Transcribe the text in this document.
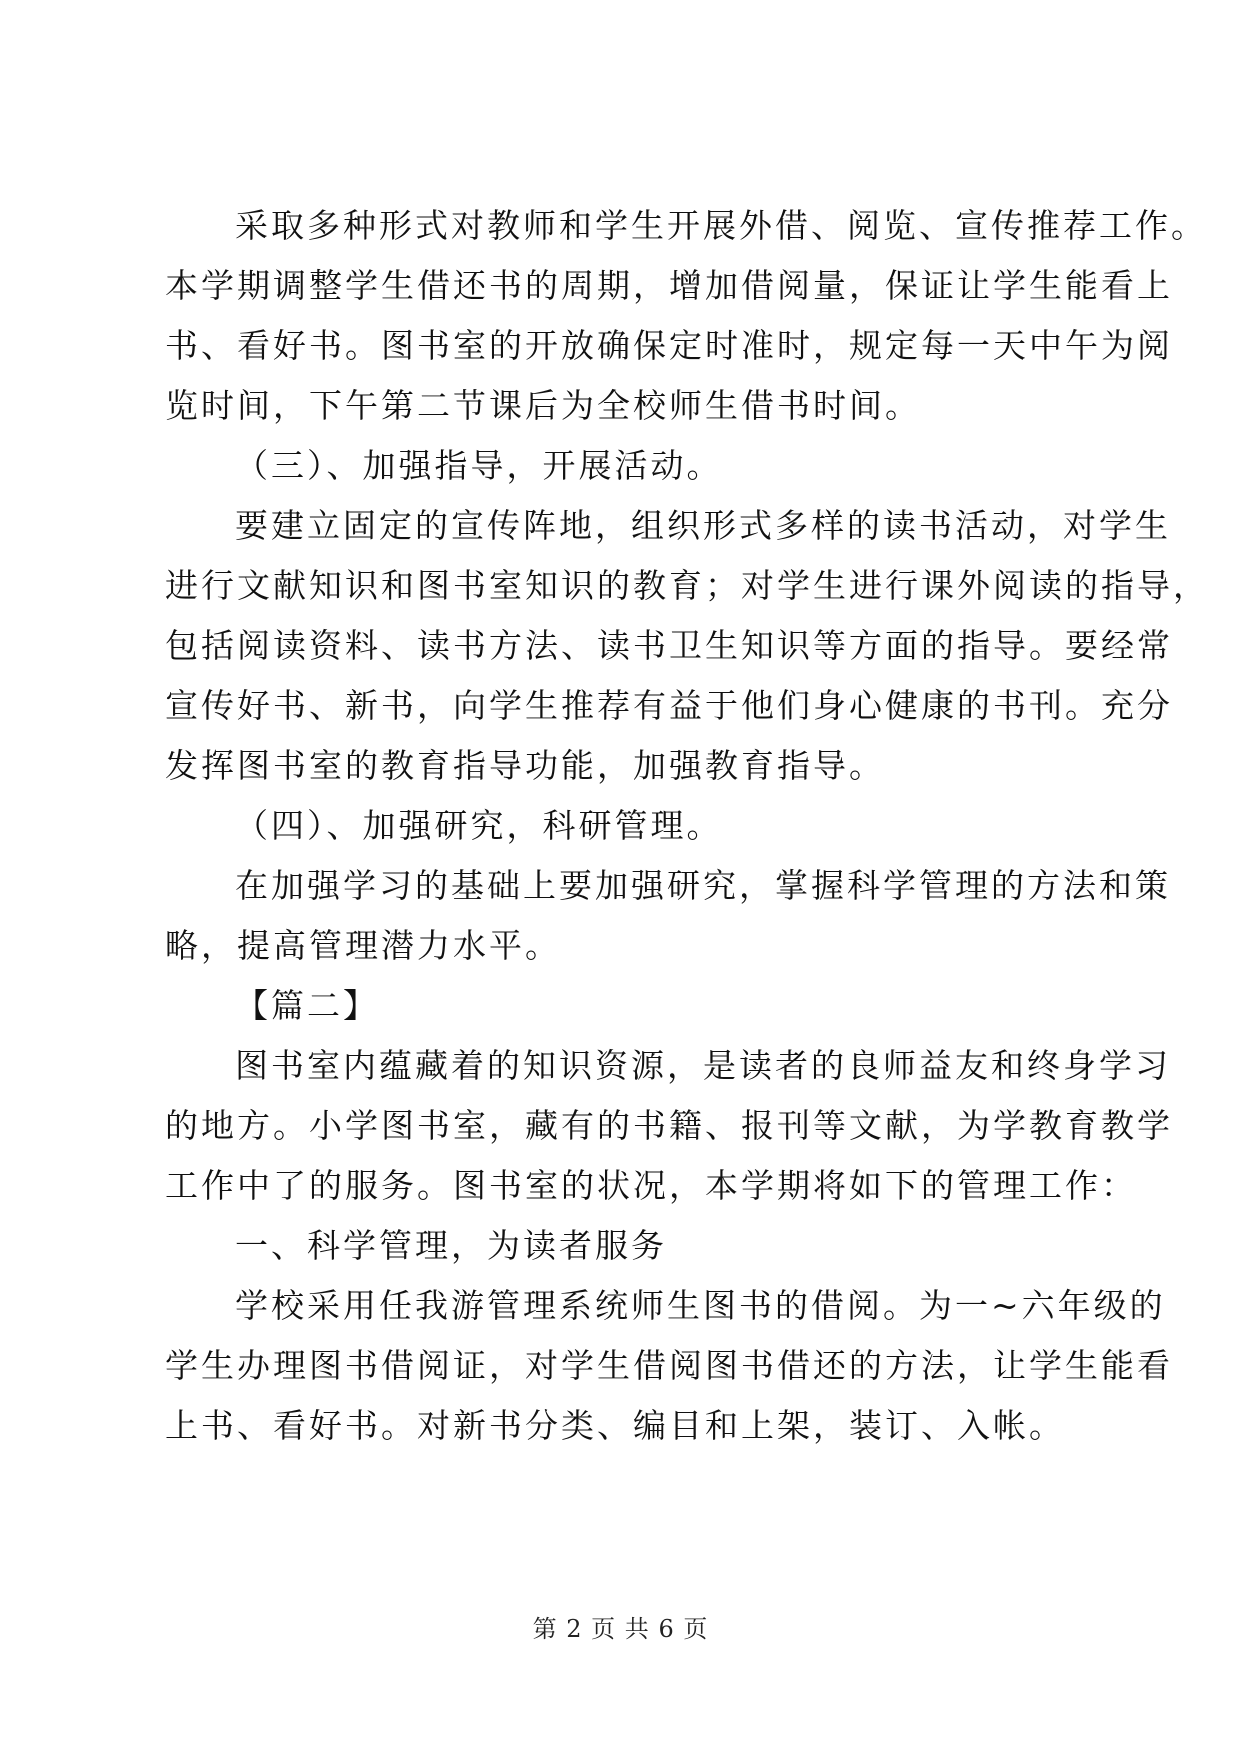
采取多种形式对教师和学生开展外借、阅览、宣传推荐工作。
本学期调整学生借还书的周期，增加借阅量，保证让学生能看上
书、看好书。图书室的开放确保定时准时，规定每一天中午为阅
览时间，下午第二节课后为全校师生借书时间。
（三）、加强指导，开展活动。
要建立固定的宣传阵地，组织形式多样的读书活动，对学生
进行文献知识和图书室知识的教育；对学生进行课外阅读的指导，
包括阅读资料、读书方法、读书卫生知识等方面的指导。要经常
宣传好书、新书，向学生推荐有益于他们身心健康的书刊。充分
发挥图书室的教育指导功能，加强教育指导。
（四）、加强研究，科研管理。
在加强学习的基础上要加强研究，掌握科学管理的方法和策
略，提高管理潜力水平。
【篇二】
图书室内蕴藏着的知识资源，是读者的良师益友和终身学习
的地方。小学图书室，藏有的书籍、报刊等文献，为学教育教学
工作中了的服务。图书室的状况，本学期将如下的管理工作：
一、科学管理，为读者服务
学校采用任我游管理系统师生图书的借阅。为一~六年级的
学生办理图书借阅证，对学生借阅图书借还的方法，让学生能看
上书、看好书。对新书分类、编目和上架，装订、入帐。
第 2 页 共 6 页
